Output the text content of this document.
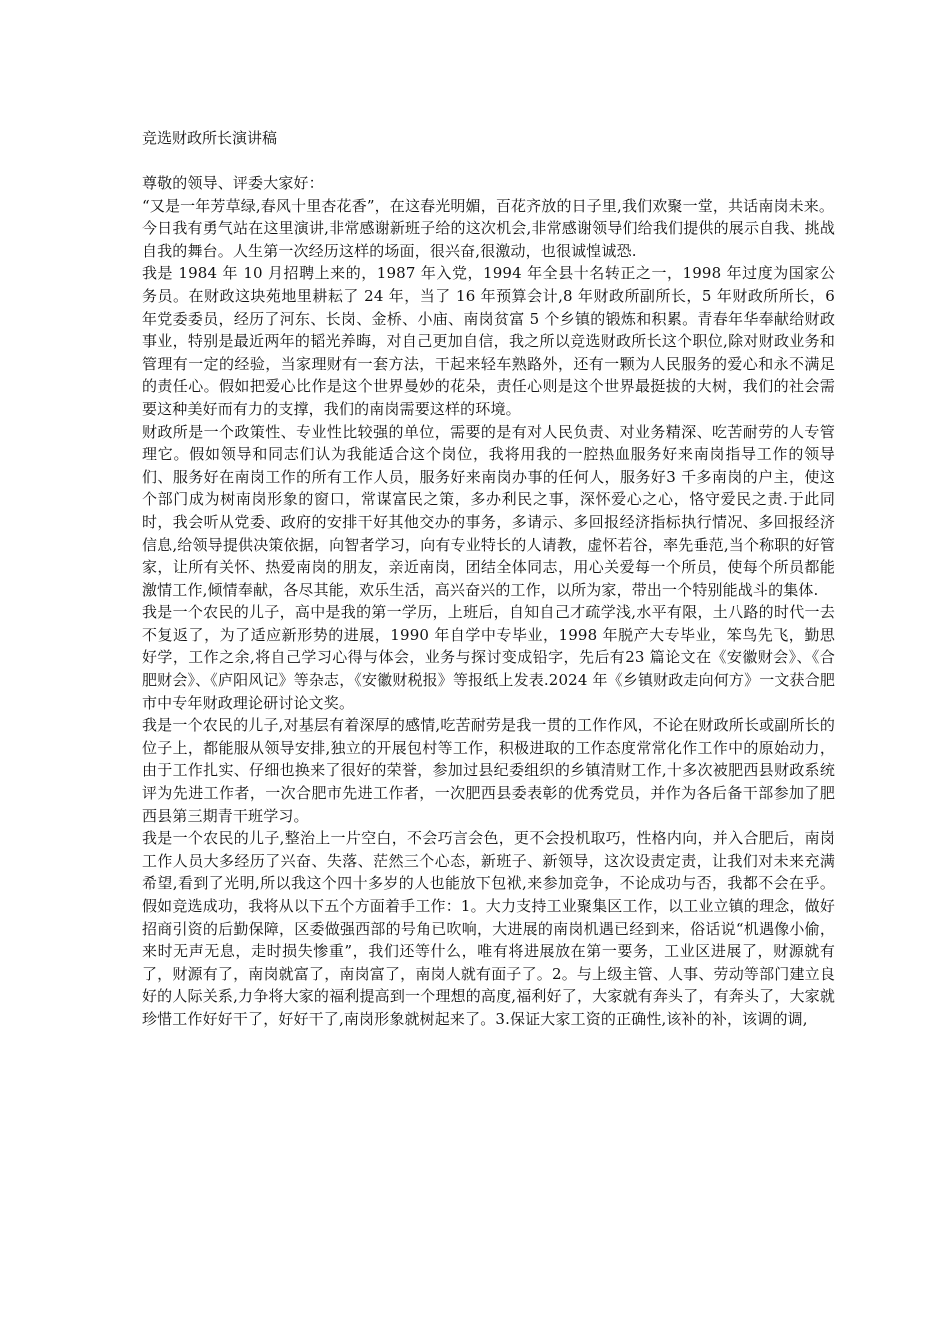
竞选财政所长演讲稿

尊敬的领导、评委大家好：

“又是一年芳草绿,春风十里杏花香”，在这春光明媚，百花齐放的日子里,我们欢聚一堂，共话南岗未来。

今日我有勇气站在这里演讲,非常感谢新班子给的这次机会,非常感谢领导们给我们提供的展示自我、挑战自我的舞台。人生第一次经历这样的场面，很兴奋,很激动，也很诚惶诚恐.

我是 1984 年 10 月招聘上来的，1987 年入党，1994 年全县十名转正之一，1998 年过度为国家公务员。在财政这块苑地里耕耘了 24 年，当了 16 年预算会计,8 年财政所副所长，5 年财政所所长，6 年党委委员，经历了河东、长岗、金桥、小庙、南岗贫富 5 个乡镇的锻炼和积累。青春年华奉献给财政事业，特别是最近两年的韬光养晦，对自己更加自信，我之所以竞选财政所长这个职位,除对财政业务和管理有一定的经验，当家理财有一套方法，干起来轻车熟路外，还有一颗为人民服务的爱心和永不满足的责任心。假如把爱心比作是这个世界曼妙的花朵，责任心则是这个世界最挺拔的大树，我们的社会需要这种美好而有力的支撑，我们的南岗需要这样的环境。

财政所是一个政策性、专业性比较强的单位，需要的是有对人民负责、对业务精深、吃苦耐劳的人专管理它。假如领导和同志们认为我能适合这个岗位，我将用我的一腔热血服务好来南岗指导工作的领导们、服务好在南岗工作的所有工作人员，服务好来南岗办事的任何人，服务好3 千多南岗的户主，使这个部门成为树南岗形象的窗口，常谋富民之策，多办利民之事，深怀爱心之心，恪守爱民之责.于此同时，我会听从党委、政府的安排干好其他交办的事务，多请示、多回报经济指标执行情况、多回报经济信息,给领导提供决策依据，向智者学习，向有专业特长的人请教，虚怀若谷，率先垂范,当个称职的好管家，让所有关怀、热爱南岗的朋友，亲近南岗，团结全体同志，用心关爱每一个所员，使每个所员都能激情工作,倾情奉献，各尽其能，欢乐生活，高兴奋兴的工作，以所为家，带出一个特别能战斗的集体.

我是一个农民的儿子，高中是我的第一学历，上班后，自知自己才疏学浅,水平有限，土八路的时代一去不复返了，为了适应新形势的进展，1990 年自学中专毕业，1998 年脱产大专毕业，笨鸟先飞，勤思好学，工作之余,将自己学习心得与体会，业务与探讨变成铅字，先后有23 篇论文在《安徽财会》、《合肥财会》、《庐阳风记》等杂志，《安徽财税报》等报纸上发表.2024 年《乡镇财政走向何方》一文获合肥市中专年财政理论研讨论文奖。

我是一个农民的儿子,对基层有着深厚的感情,吃苦耐劳是我一贯的工作作风，不论在财政所长或副所长的位子上，都能服从领导安排,独立的开展包村等工作，积极进取的工作态度常常化作工作中的原始动力，由于工作扎实、仔细也换来了很好的荣誉，参加过县纪委组织的乡镇清财工作,十多次被肥西县财政系统评为先进工作者，一次合肥市先进工作者，一次肥西县委表彰的优秀党员，并作为各后备干部参加了肥西县第三期青干班学习。

我是一个农民的儿子,整治上一片空白，不会巧言会色，更不会投机取巧，性格内向，并入合肥后，南岗工作人员大多经历了兴奋、失落、茫然三个心态，新班子、新领导，这次设责定责，让我们对未来充满希望,看到了光明,所以我这个四十多岁的人也能放下包袱,来参加竞争，不论成功与否，我都不会在乎。假如竞选成功，我将从以下五个方面着手工作：1。大力支持工业聚集区工作，以工业立镇的理念，做好招商引资的后勤保障，区委做强西部的号角已吹响，大进展的南岗机遇已经到来，俗话说“机遇像小偷，来时无声无息，走时损失惨重”，我们还等什么，唯有将进展放在第一要务，工业区进展了，财源就有了，财源有了，南岗就富了，南岗富了，南岗人就有面子了。2。与上级主管、人事、劳动等部门建立良好的人际关系,力争将大家的福利提高到一个理想的高度,福利好了，大家就有奔头了，有奔头了，大家就珍惜工作好好干了，好好干了,南岗形象就树起来了。3.保证大家工资的正确性,该补的补，该调的调,
